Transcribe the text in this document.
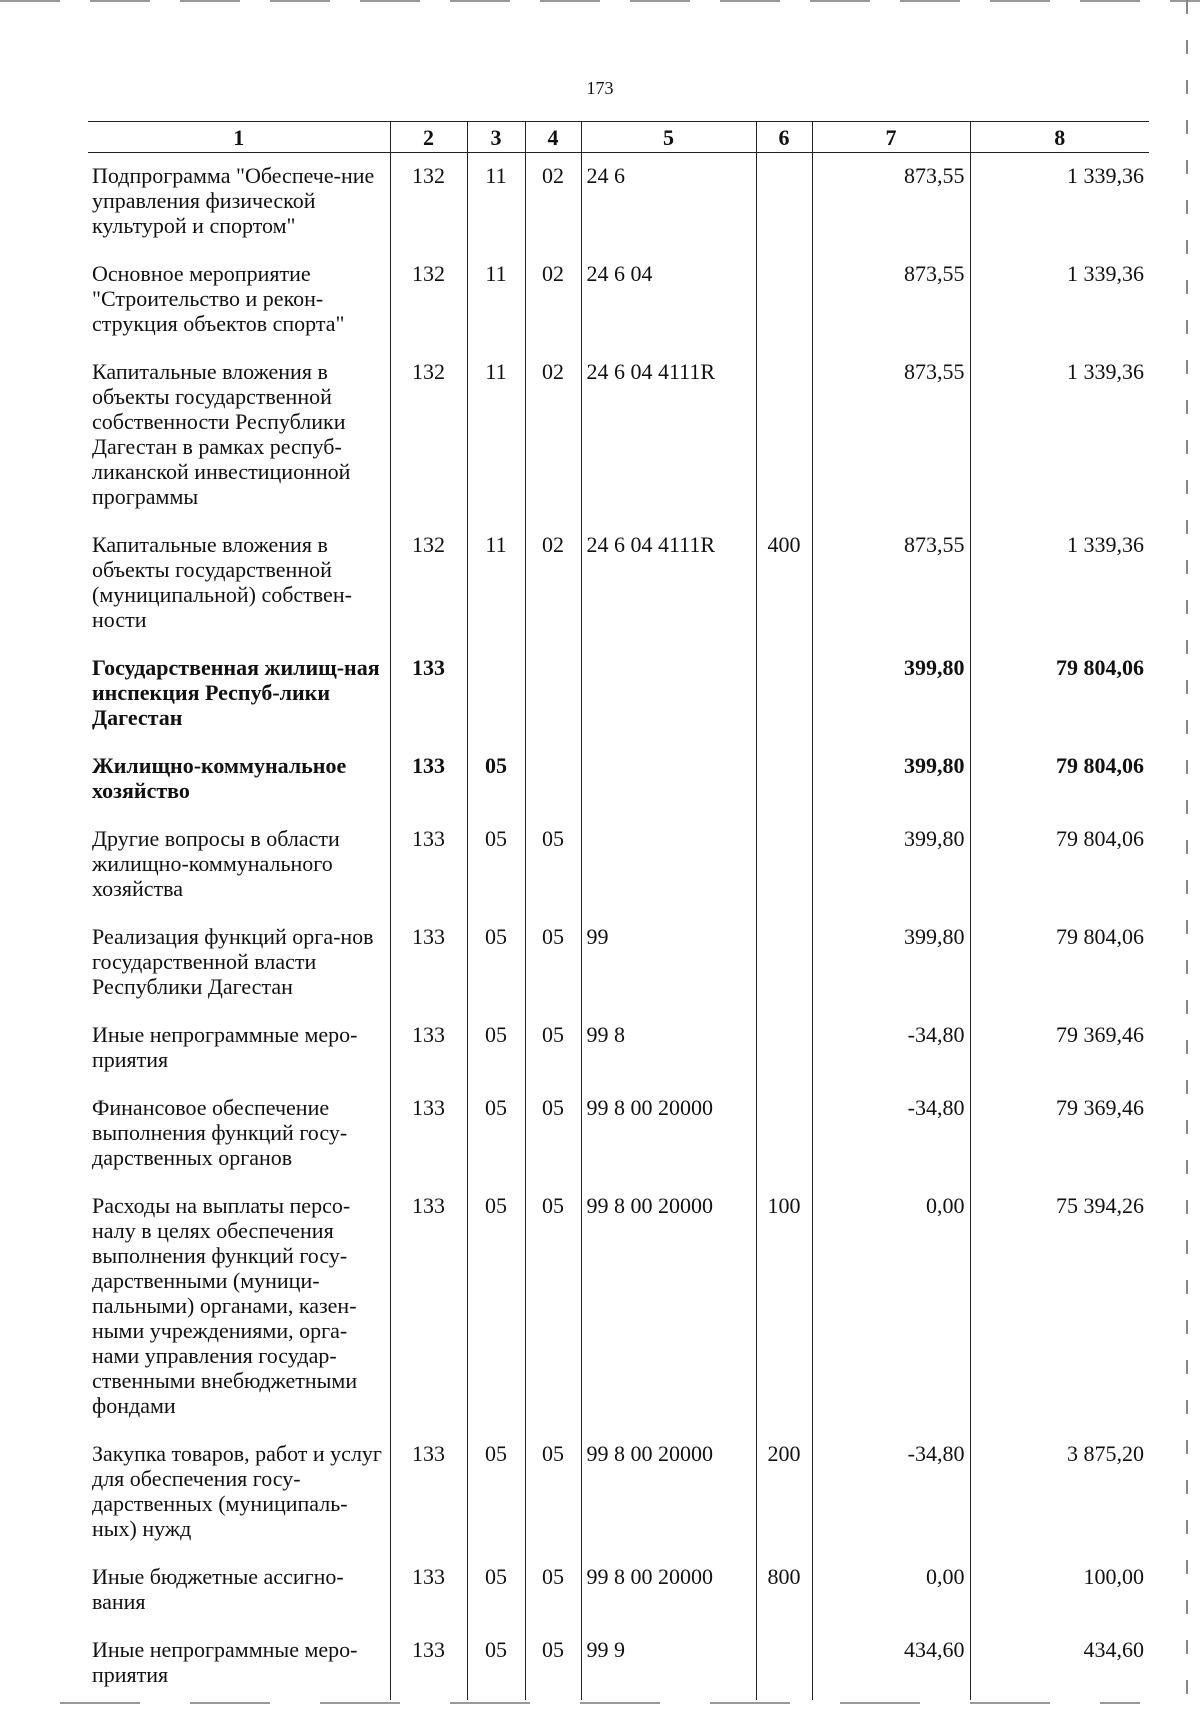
173
1	2	3	4	5	6	7	8
Подпрограмма "Обеспече-ние управления физической культурой и спортом"	132	11	02	24 6		873,55	1 339,36
Основное мероприятие "Строительство и рекон-струкция объектов спорта"	132	11	02	24 6 04		873,55	1 339,36
Капитальные вложения в объекты государственной собственности Республики Дагестан в рамках респуб-ликанской инвестиционной программы	132	11	02	24 6 04 4111R		873,55	1 339,36
Капитальные вложения в объекты государственной (муниципальной) собствен-ности	132	11	02	24 6 04 4111R	400	873,55	1 339,36
Государственная жилищ-ная инспекция Респуб-лики Дагестан	133					399,80	79 804,06
Жилищно-коммунальное хозяйство	133	05				399,80	79 804,06
Другие вопросы в области жилищно-коммунального хозяйства	133	05	05			399,80	79 804,06
Реализация функций орга-нов государственной власти Республики Дагестан	133	05	05	99		399,80	79 804,06
Иные непрограммные меро-приятия	133	05	05	99 8		-34,80	79 369,46
Финансовое обеспечение выполнения функций госу-дарственных органов	133	05	05	99 8 00 20000		-34,80	79 369,46
Расходы на выплаты персо-налу в целях обеспечения выполнения функций госу-дарственными (муници-пальными) органами, казен-ными учреждениями, орга-нами управления государ-ственными внебюджетными фондами	133	05	05	99 8 00 20000	100	0,00	75 394,26
Закупка товаров, работ и услуг для обеспечения госу-дарственных (муниципаль-ных) нужд	133	05	05	99 8 00 20000	200	-34,80	3 875,20
Иные бюджетные ассигно-вания	133	05	05	99 8 00 20000	800	0,00	100,00
Иные непрограммные меро-приятия	133	05	05	99 9		434,60	434,60
